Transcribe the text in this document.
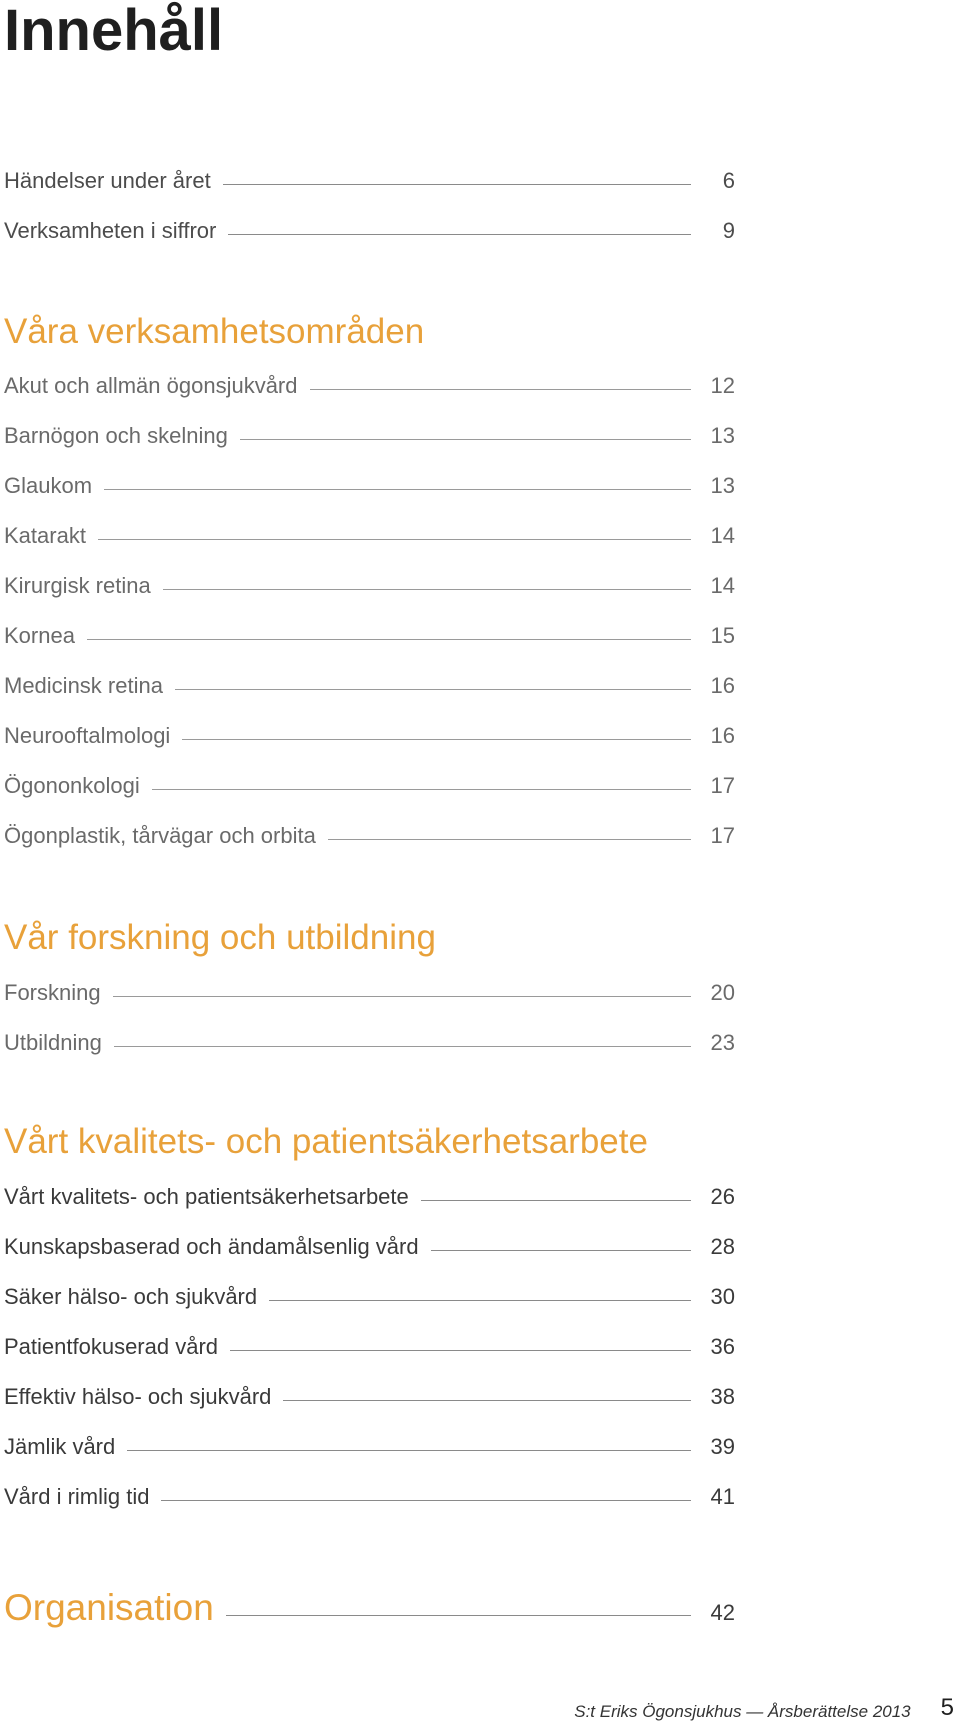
Innehåll
Händelser under året	6
Verksamheten i siffror	9
Våra verksamhetsområden
Akut och allmän ögonsjukvård	12
Barnögon och skelning	13
Glaukom	13
Katarakt	14
Kirurgisk retina	14
Kornea	15
Medicinsk retina	16
Neurooftalmologi	16
Ögononkologi	17
Ögonplastik, tårvägar och orbita	17
Vår forskning och utbildning
Forskning	20
Utbildning	23
Vårt kvalitets- och patientsäkerhetsarbete
Vårt kvalitets- och patientsäkerhetsarbete	26
Kunskapsbaserad och ändamålsenlig vård	28
Säker hälso- och sjukvård	30
Patientfokuserad vård	36
Effektiv hälso- och sjukvård	38
Jämlik vård	39
Vård i rimlig tid	41
Organisation	42
S:t Eriks Ögonsjukhus — Årsberättelse 2013 5
